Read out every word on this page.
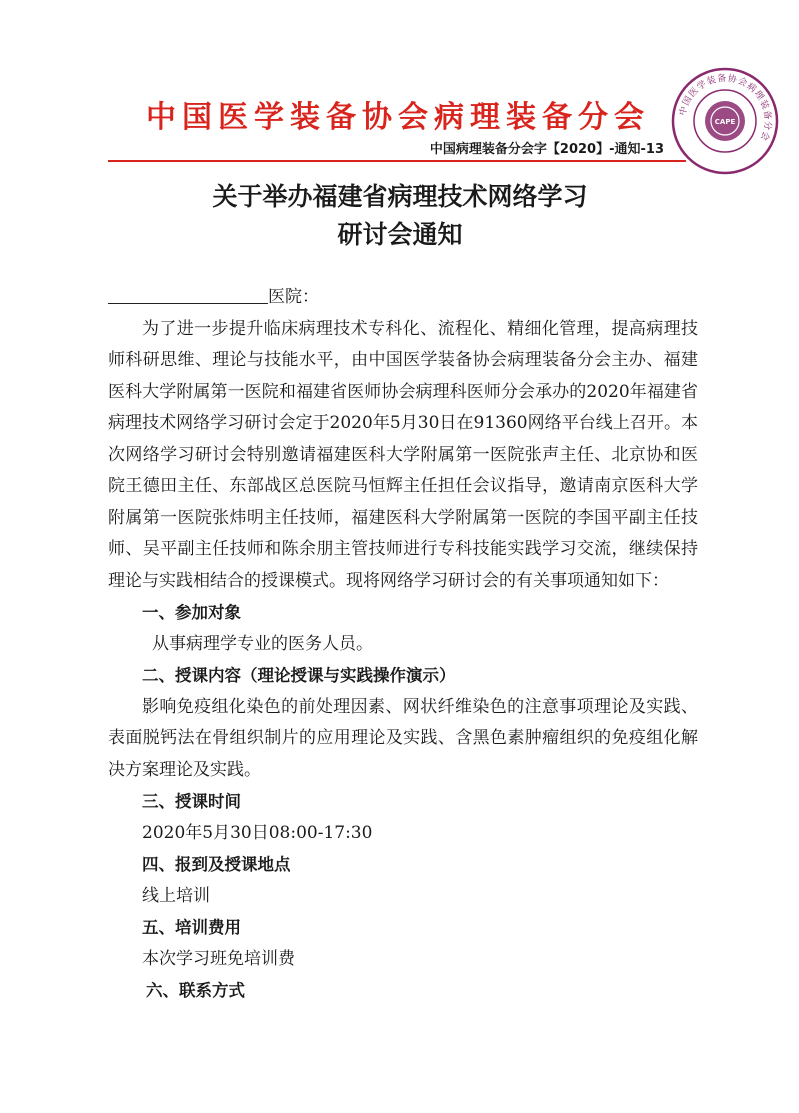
中国医学装备协会病理装备分会
中国病理装备分会字【2020】-通知-13
中国医学装备协会病理装备分会
CAPE
关于举办福建省病理技术网络学习
研讨会通知

医院：

为了进一步提升临床病理技术专科化、流程化、精细化管理，提高病理技师科研思维、理论与技能水平，由中国医学装备协会病理装备分会主办、福建医科大学附属第一医院和福建省医师协会病理科医师分会承办的2020年福建省病理技术网络学习研讨会定于2020年5月30日在91360网络平台线上召开。本次网络学习研讨会特别邀请福建医科大学附属第一医院张声主任、北京协和医院王德田主任、东部战区总医院马恒辉主任担任会议指导，邀请南京医科大学附属第一医院张炜明主任技师，福建医科大学附属第一医院的李国平副主任技师、吴平副主任技师和陈余朋主管技师进行专科技能实践学习交流，继续保持理论与实践相结合的授课模式。现将网络学习研讨会的有关事项通知如下：

一、参加对象

从事病理学专业的医务人员。

二、授课内容（理论授课与实践操作演示）

影响免疫组化染色的前处理因素、网状纤维染色的注意事项理论及实践、表面脱钙法在骨组织制片的应用理论及实践、含黑色素肿瘤组织的免疫组化解决方案理论及实践。

三、授课时间

2020年5月30日08:00-17:30

四、报到及授课地点

线上培训

五、培训费用

本次学习班免培训费

六、联系方式
